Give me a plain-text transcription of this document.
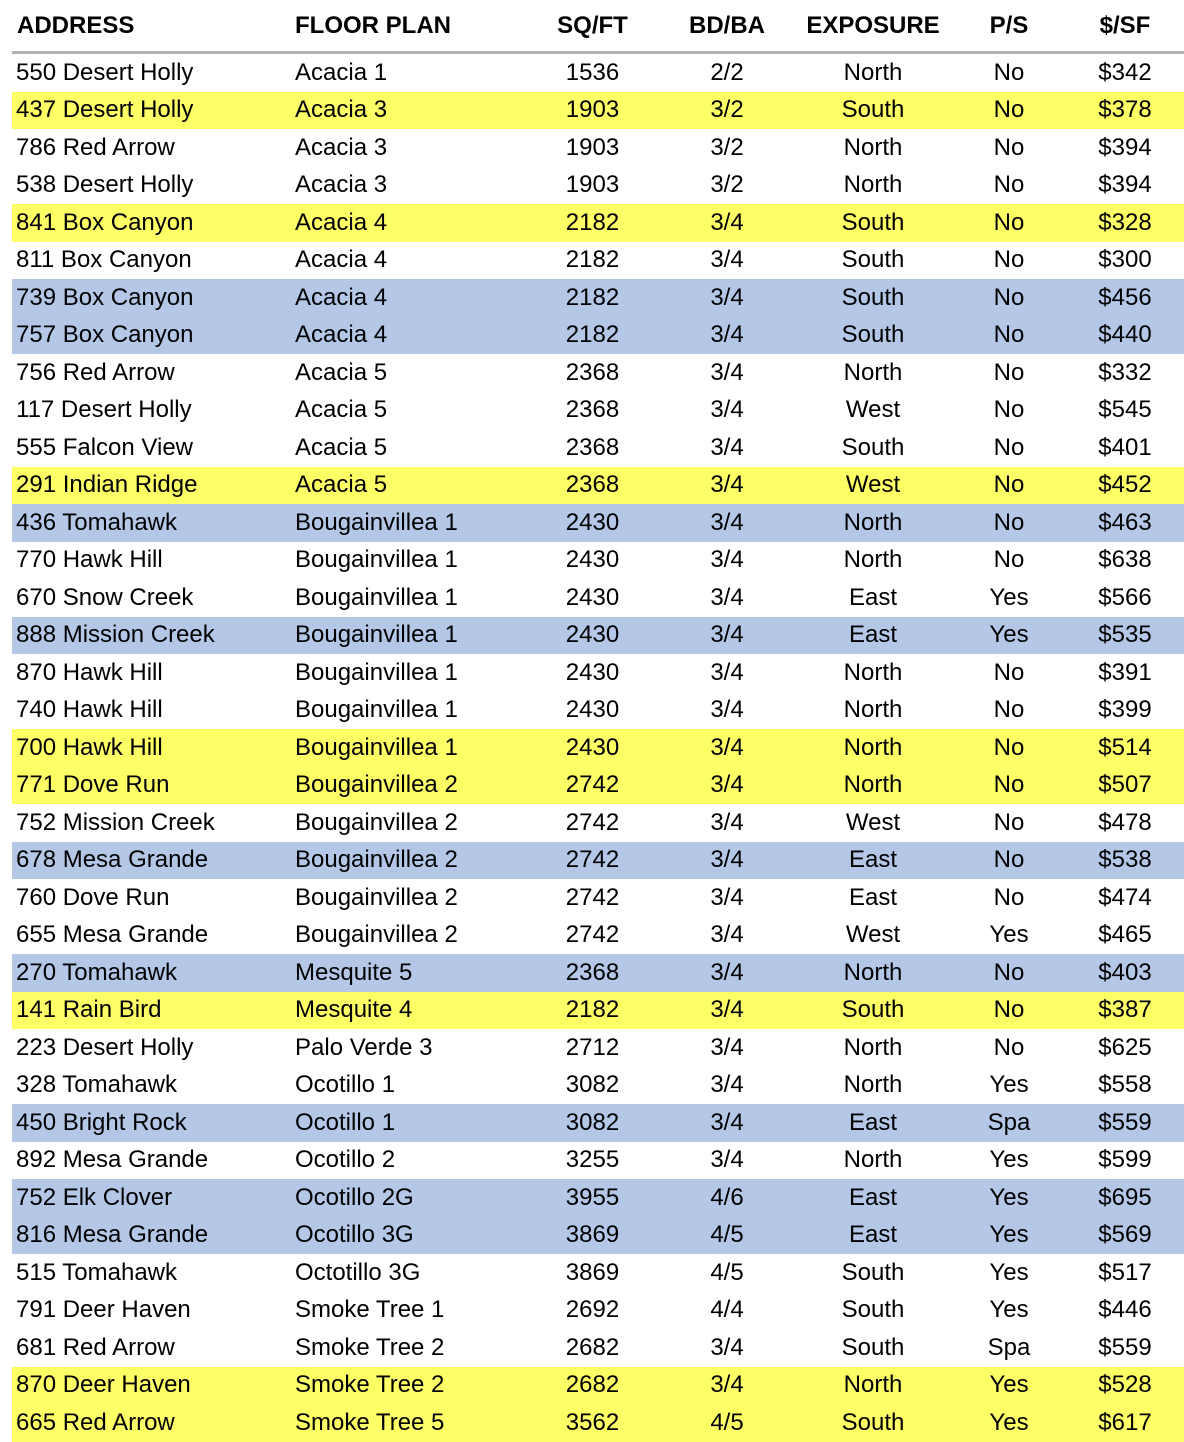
ADDRESS	FLOOR PLAN	SQ/FT	BD/BA	EXPOSURE	P/S	$/SF
550 Desert Holly	Acacia 1	1536	2/2	North	No	$342
437 Desert Holly	Acacia 3	1903	3/2	South	No	$378
786 Red Arrow	Acacia 3	1903	3/2	North	No	$394
538 Desert Holly	Acacia 3	1903	3/2	North	No	$394
841 Box Canyon	Acacia 4	2182	3/4	South	No	$328
811 Box Canyon	Acacia 4	2182	3/4	South	No	$300
739 Box Canyon	Acacia 4	2182	3/4	South	No	$456
757 Box Canyon	Acacia 4	2182	3/4	South	No	$440
756 Red Arrow	Acacia 5	2368	3/4	North	No	$332
117 Desert Holly	Acacia 5	2368	3/4	West	No	$545
555 Falcon View	Acacia 5	2368	3/4	South	No	$401
291 Indian Ridge	Acacia 5	2368	3/4	West	No	$452
436 Tomahawk	Bougainvillea 1	2430	3/4	North	No	$463
770 Hawk Hill	Bougainvillea 1	2430	3/4	North	No	$638
670 Snow Creek	Bougainvillea 1	2430	3/4	East	Yes	$566
888 Mission Creek	Bougainvillea 1	2430	3/4	East	Yes	$535
870 Hawk Hill	Bougainvillea 1	2430	3/4	North	No	$391
740 Hawk Hill	Bougainvillea 1	2430	3/4	North	No	$399
700 Hawk Hill	Bougainvillea 1	2430	3/4	North	No	$514
771 Dove Run	Bougainvillea 2	2742	3/4	North	No	$507
752 Mission Creek	Bougainvillea 2	2742	3/4	West	No	$478
678 Mesa Grande	Bougainvillea 2	2742	3/4	East	No	$538
760 Dove Run	Bougainvillea 2	2742	3/4	East	No	$474
655 Mesa Grande	Bougainvillea 2	2742	3/4	West	Yes	$465
270 Tomahawk	Mesquite 5	2368	3/4	North	No	$403
141 Rain Bird	Mesquite 4	2182	3/4	South	No	$387
223 Desert Holly	Palo Verde 3	2712	3/4	North	No	$625
328 Tomahawk	Ocotillo 1	3082	3/4	North	Yes	$558
450 Bright Rock	Ocotillo 1	3082	3/4	East	Spa	$559
892 Mesa Grande	Ocotillo 2	3255	3/4	North	Yes	$599
752 Elk Clover	Ocotillo 2G	3955	4/6	East	Yes	$695
816 Mesa Grande	Ocotillo 3G	3869	4/5	East	Yes	$569
515 Tomahawk	Octotillo 3G	3869	4/5	South	Yes	$517
791 Deer Haven	Smoke Tree 1	2692	4/4	South	Yes	$446
681 Red Arrow	Smoke Tree 2	2682	3/4	South	Spa	$559
870 Deer Haven	Smoke Tree 2	2682	3/4	North	Yes	$528
665 Red Arrow	Smoke Tree 5	3562	4/5	South	Yes	$617
